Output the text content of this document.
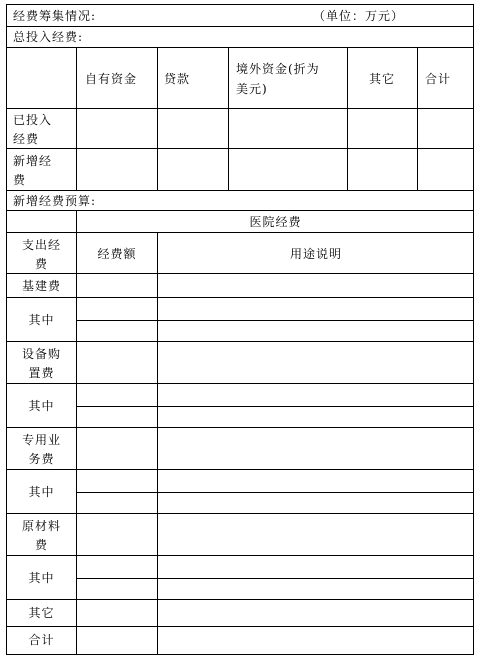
经费筹集情况:	（单位：万元）
总投入经费:
自有资金 贷款
境外资金(折为
美元)
其它 合计
已投入
经费
新增经
费
新增经费预算:
医院经费
支出经
费
经费额	用途说明
基建费
其中
设备购
置费
其中
专用业
务费
其中
原材料
费
其中
其它
合计
